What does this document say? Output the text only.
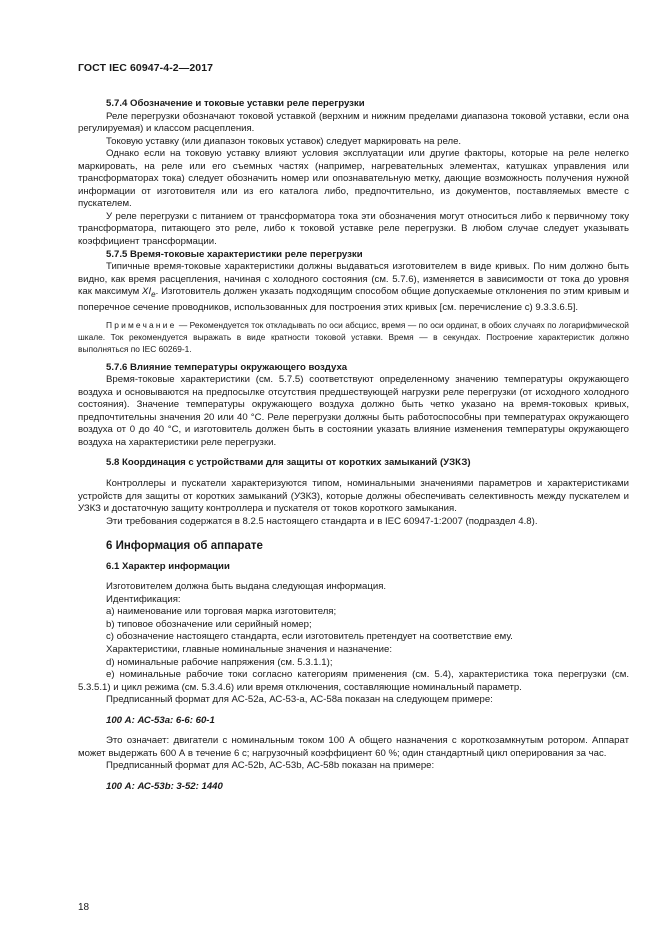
ГОСТ IEC 60947-4-2—2017

5.7.4 Обозначение и токовые уставки реле перегрузки

Реле перегрузки обозначают токовой уставкой (верхним и нижним пределами диапазона токовой уставки, если она регулируемая) и классом расцепления.

Токовую уставку (или диапазон токовых уставок) следует маркировать на реле.

Однако если на токовую уставку влияют условия эксплуатации или другие факторы, которые на реле нелегко маркировать, на реле или его съемных частях (например, нагревательных элементах, катушках управления или трансформаторах тока) следует обозначить номер или опознавательную метку, дающие возможность получения нужной информации от изготовителя или из его каталога либо, предпочтительно, из документов, поставляемых вместе с пускателем.

У реле перегрузки с питанием от трансформатора тока эти обозначения могут относиться либо к первичному току трансформатора, питающего это реле, либо к токовой уставке реле перегрузки. В любом случае следует указывать коэффициент трансформации.

5.7.5 Время-токовые характеристики реле перегрузки

Типичные время-токовые характеристики должны выдаваться изготовителем в виде кривых. По ним должно быть видно, как время расцепления, начиная с холодного состояния (см. 5.7.6), изменяется в зависимости от тока до уровня как максимум $XI_e$. Изготовитель должен указать подходящим способом общие допускаемые отклонения по этим кривым и поперечное сечение проводников, использованных для построения этих кривых [см. перечисление с) 9.3.3.6.5].

Примечание — Рекомендуется ток откладывать по оси абсцисс, время — по оси ординат, в обоих случаях по логарифмической шкале. Ток рекомендуется выражать в виде кратности токовой уставки. Время — в секундах. Построение характеристик должно выполняться по IEC 60269-1.

5.7.6 Влияние температуры окружающего воздуха

Время-токовые характеристики (см. 5.7.5) соответствуют определенному значению температуры окружающего воздуха и основываются на предпосылке отсутствия предшествующей нагрузки реле перегрузки (от исходного холодного состояния). Значение температуры окружающего воздуха должно быть четко указано на время-токовых кривых, предпочтительны значения 20 или 40 °С. Реле перегрузки должны быть работоспособны при температурах окружающего воздуха от 0 до 40 °С, и изготовитель должен быть в состоянии указать влияние изменения температуры окружающего воздуха на характеристики реле перегрузки.

5.8 Координация с устройствами для защиты от коротких замыканий (УЗКЗ)

Контроллеры и пускатели характеризуются типом, номинальными значениями параметров и характеристиками устройств для защиты от коротких замыканий (УЗКЗ), которые должны обеспечивать селективность между пускателем и УЗКЗ и достаточную защиту контроллера и пускателя от токов короткого замыкания.

Эти требования содержатся в 8.2.5 настоящего стандарта и в IEC 60947-1:2007 (подраздел 4.8).

6 Информация об аппарате

6.1 Характер информации

Изготовителем должна быть выдана следующая информация.

Идентификация:

a) наименование или торговая марка изготовителя;

b) типовое обозначение или серийный номер;

c) обозначение настоящего стандарта, если изготовитель претендует на соответствие ему.

Характеристики, главные номинальные значения и назначение:

d) номинальные рабочие напряжения (см. 5.3.1.1);

e) номинальные рабочие токи согласно категориям применения (см. 5.4), характеристика тока перегрузки (см. 5.3.5.1) и цикл режима (см. 5.3.4.6) или время отключения, составляющие номинальный параметр.

Предписанный формат для АС-52а, АС-53-а, АС-58а показан на следующем примере:

100 А: АС-53а: 6-6: 60-1

Это означает: двигатели с номинальным током 100 А общего назначения с короткозамкнутым ротором. Аппарат может выдержать 600 А в течение 6 с; нагрузочный коэффициент 60 %; один стандартный цикл оперирования за час.

Предписанный формат для АС-52b, АС-53b, АС-58b показан на примере:

100 А: АС-53b: 3-52: 1440

18
